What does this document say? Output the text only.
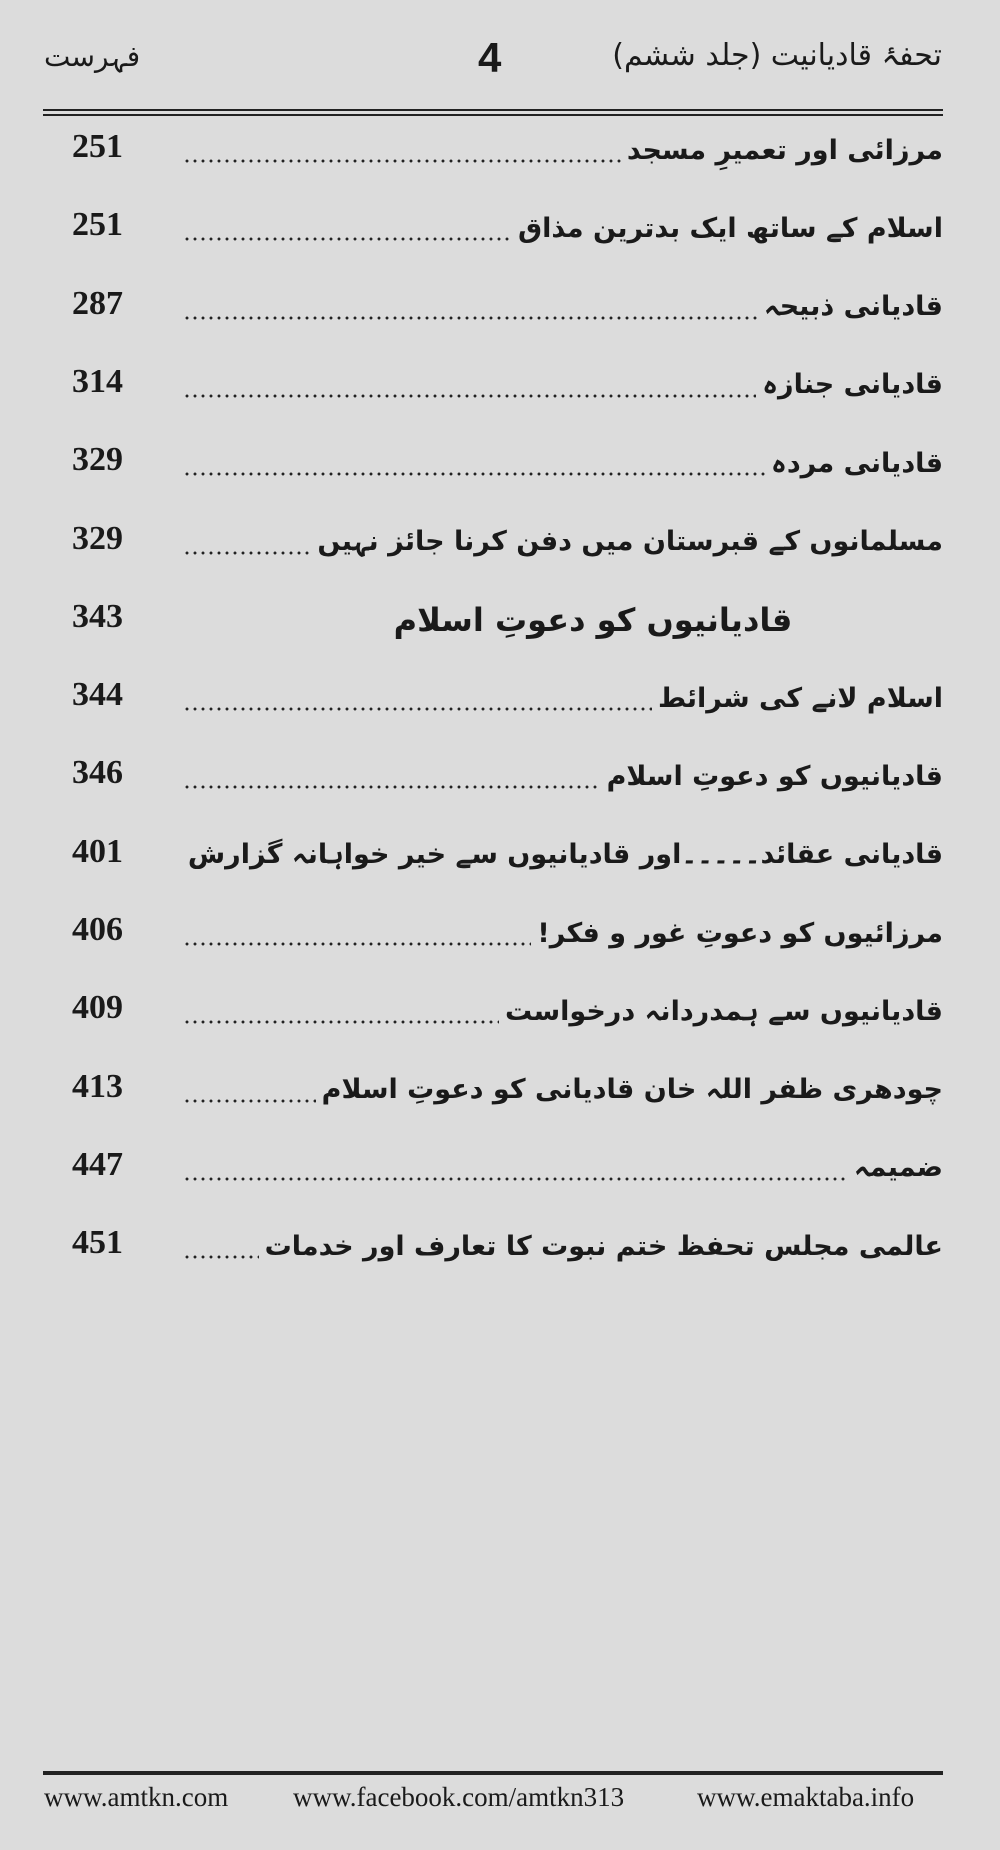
تحفۂ قادیانیت (جلد ششم)
4
فہرست
251	مرزائی اور تعمیرِ مسجد
251	اسلام کے ساتھ ایک بدترین مذاق
287	قادیانی ذبیحہ
314	قادیانی جنازہ
329	قادیانی مردہ
329	مسلمانوں کے قبرستان میں دفن کرنا جائز نہیں
343	قادیانیوں کو دعوتِ اسلام
344	اسلام لانے کی شرائط
346	قادیانیوں کو دعوتِ اسلام
401 قادیانی عقائد۔۔۔۔۔اور قادیانیوں سے خیر خواہانہ گزارش
406	مرزائیوں کو دعوتِ غور و فکر!
409	قادیانیوں سے ہمدردانہ درخواست
413	چودھری ظفر اللہ خان قادیانی کو دعوتِ اسلام
447	ضمیمہ
451	عالمی مجلس تحفظ ختم نبوت کا تعارف اور خدمات
www.amtkn.com www.facebook.com/amtkn313	www.emaktaba.info
